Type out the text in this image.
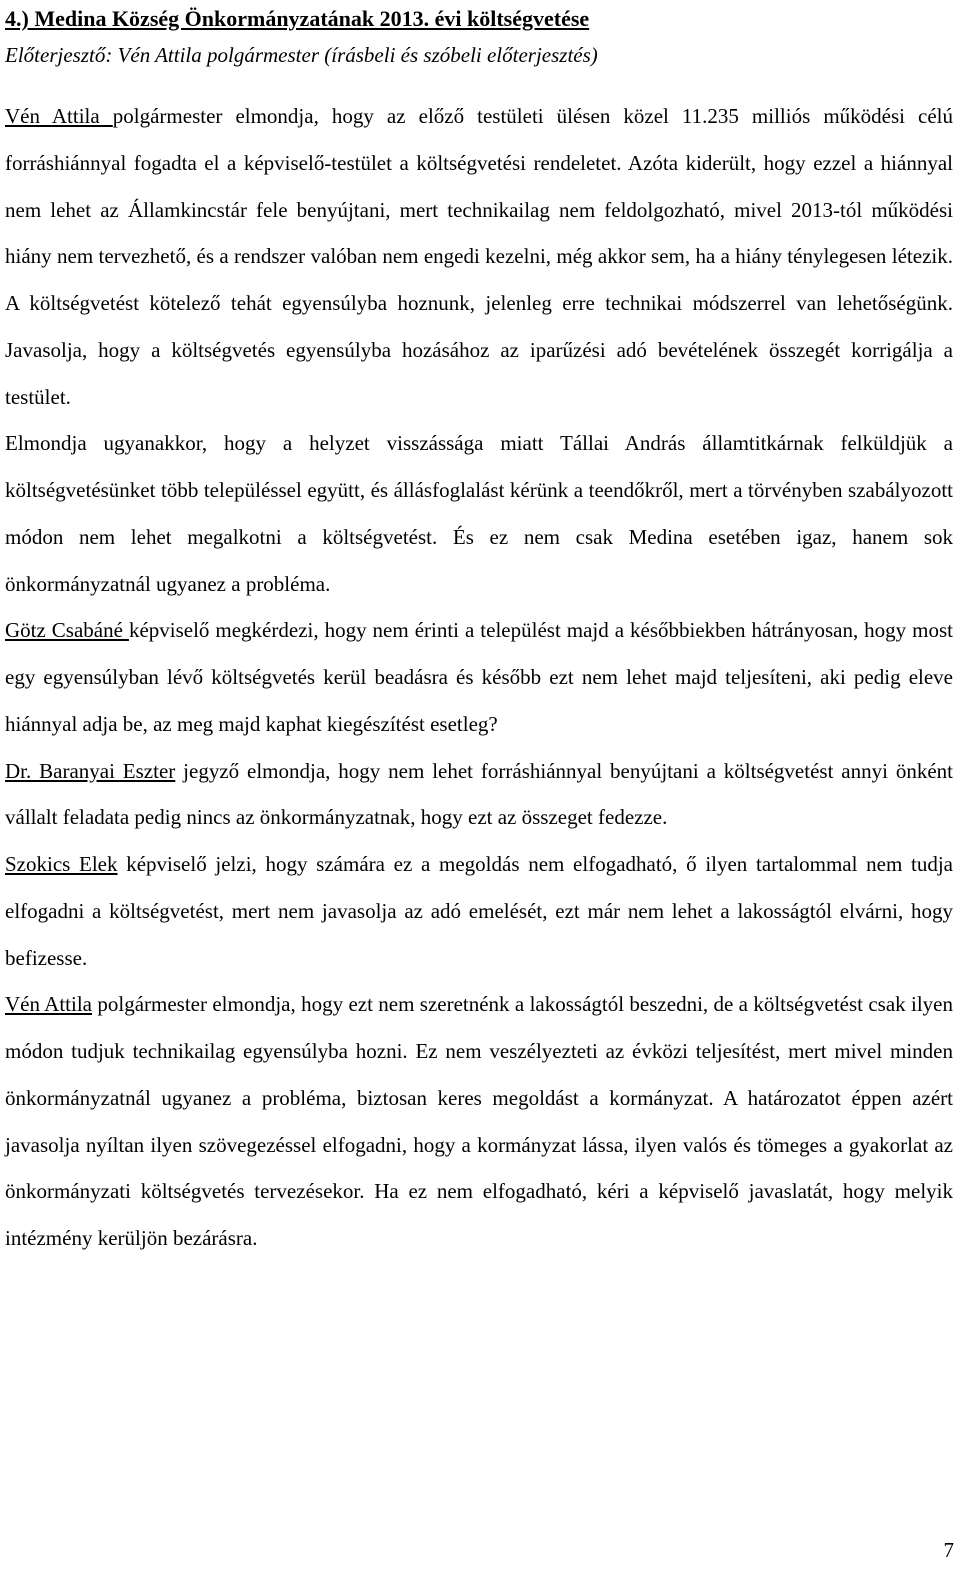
4.) Medina Község Önkormányzatának 2013. évi költségvetése
Előterjesztő: Vén Attila polgármester (írásbeli és szóbeli előterjesztés)

Vén Attila polgármester elmondja, hogy az előző testületi ülésen közel 11.235 milliós működési célú forráshiánnyal fogadta el a képviselő-testület a költségvetési rendeletet. Azóta kiderült, hogy ezzel a hiánnyal nem lehet az Államkincstár fele benyújtani, mert technikailag nem feldolgozható, mivel 2013-tól működési hiány nem tervezhető, és a rendszer valóban nem engedi kezelni, még akkor sem, ha a hiány ténylegesen létezik. A költségvetést kötelező tehát egyensúlyba hoznunk, jelenleg erre technikai módszerrel van lehetőségünk. Javasolja, hogy a költségvetés egyensúlyba hozásához az iparűzési adó bevételének összegét korrigálja a testület.

Elmondja ugyanakkor, hogy a helyzet visszássága miatt Tállai András államtitkárnak felküldjük a költségvetésünket több településsel együtt, és állásfoglalást kérünk a teendőkről, mert a törvényben szabályozott módon nem lehet megalkotni a költségvetést. És ez nem csak Medina esetében igaz, hanem sok önkormányzatnál ugyanez a probléma.

Götz Csabáné képviselő megkérdezi, hogy nem érinti a települést majd a későbbiekben hátrányosan, hogy most egy egyensúlyban lévő költségvetés kerül beadásra és később ezt nem lehet majd teljesíteni, aki pedig eleve hiánnyal adja be, az meg majd kaphat kiegészítést esetleg?

Dr. Baranyai Eszter jegyző elmondja, hogy nem lehet forráshiánnyal benyújtani a költségvetést annyi önként vállalt feladata pedig nincs az önkormányzatnak, hogy ezt az összeget fedezze.

Szokics Elek képviselő jelzi, hogy számára ez a megoldás nem elfogadható, ő ilyen tartalommal nem tudja elfogadni a költségvetést, mert nem javasolja az adó emelését, ezt már nem lehet a lakosságtól elvárni, hogy befizesse.

Vén Attila polgármester elmondja, hogy ezt nem szeretnénk a lakosságtól beszedni, de a költségvetést csak ilyen módon tudjuk technikailag egyensúlyba hozni. Ez nem veszélyezteti az évközi teljesítést, mert mivel minden önkormányzatnál ugyanez a probléma, biztosan keres megoldást a kormányzat. A határozatot éppen azért javasolja nyíltan ilyen szövegezéssel elfogadni, hogy a kormányzat lássa, ilyen valós és tömeges a gyakorlat az önkormányzati költségvetés tervezésekor. Ha ez nem elfogadható, kéri a képviselő javaslatát, hogy melyik intézmény kerüljön bezárásra.

7
